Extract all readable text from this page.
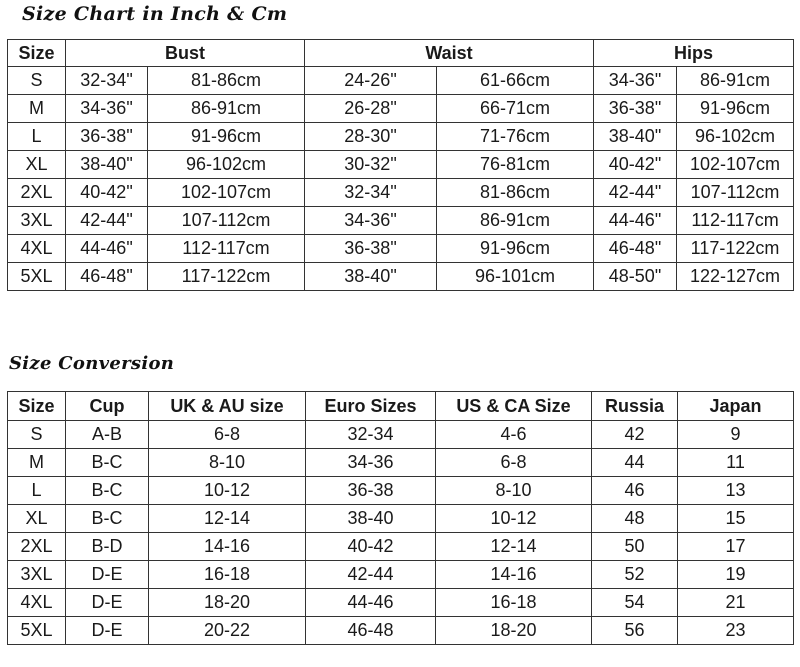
Size Chart in Inch & Cm
Size	Bust		Waist		Hips	
S	32-34"	81-86cm	24-26"	61-66cm	34-36"	86-91cm
M	34-36"	86-91cm	26-28"	66-71cm	36-38"	91-96cm
L	36-38"	91-96cm	28-30"	71-76cm	38-40"	96-102cm
XL	38-40"	96-102cm	30-32"	76-81cm	40-42"	102-107cm
2XL	40-42"	102-107cm	32-34"	81-86cm	42-44"	107-112cm
3XL	42-44"	107-112cm	34-36"	86-91cm	44-46"	112-117cm
4XL	44-46"	112-117cm	36-38"	91-96cm	46-48"	117-122cm
5XL	46-48"	117-122cm	38-40"	96-101cm	48-50"	122-127cm
Size Conversion
Size	Cup	UK & AU size	Euro Sizes	US & CA Size	Russia	Japan
S	A-B	6-8	32-34	4-6	42	9
M	B-C	8-10	34-36	6-8	44	11
L	B-C	10-12	36-38	8-10	46	13
XL	B-C	12-14	38-40	10-12	48	15
2XL	B-D	14-16	40-42	12-14	50	17
3XL	D-E	16-18	42-44	14-16	52	19
4XL	D-E	18-20	44-46	16-18	54	21
5XL	D-E	20-22	46-48	18-20	56	23
